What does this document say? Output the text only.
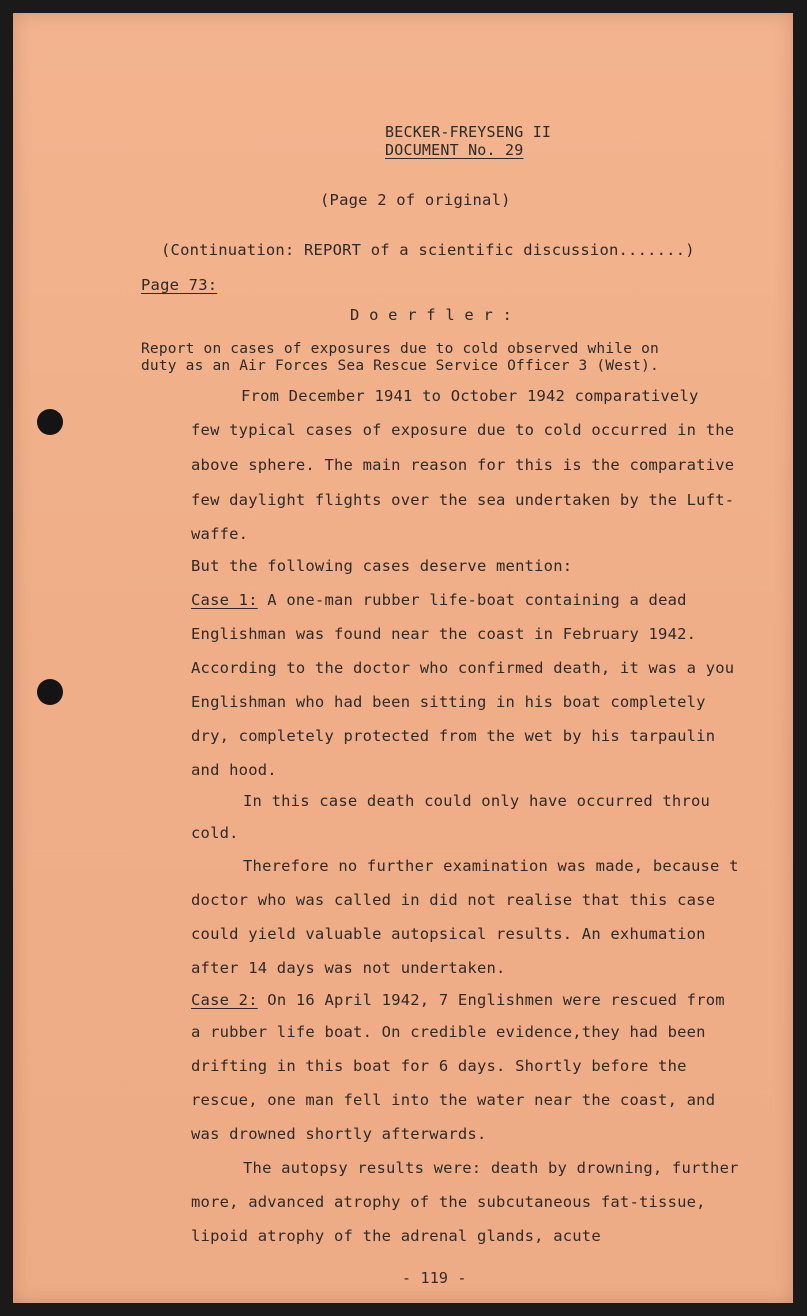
BECKER-FREYSENG II
DOCUMENT No. 29
(Page 2 of original)
(Continuation: REPORT of a scientific discussion.......)
Page 73:
D o e r f l e r :
Report on cases of exposures due to cold observed while on
duty as an Air Forces Sea Rescue Service Officer 3 (West).
From December 1941 to October 1942 comparatively
few typical cases of exposure due to cold occurred in the
above sphere. The main reason for this is the comparative
few daylight flights over the sea undertaken by the Luft-
waffe.
But the following cases deserve mention:
Case 1: A one-man rubber life-boat containing a dead
Englishman was found near the coast in February 1942.
According to the doctor who confirmed death, it was a you
Englishman who had been sitting in his boat completely
dry, completely protected from the wet by his tarpaulin
and hood.
In this case death could only have occurred throu
cold.
Therefore no further examination was made, because t
doctor who was called in did not realise that this case
could yield valuable autopsical results. An exhumation
after 14 days was not undertaken.
Case 2: On 16 April 1942, 7 Englishmen were rescued from
a rubber life boat. On credible evidence,they had been
drifting in this boat for 6 days. Shortly before the
rescue, one man fell into the water near the coast, and
was drowned shortly afterwards.
The autopsy results were: death by drowning, further
more, advanced atrophy of the subcutaneous fat-tissue,
lipoid atrophy of the adrenal glands, acute
- 119 -
